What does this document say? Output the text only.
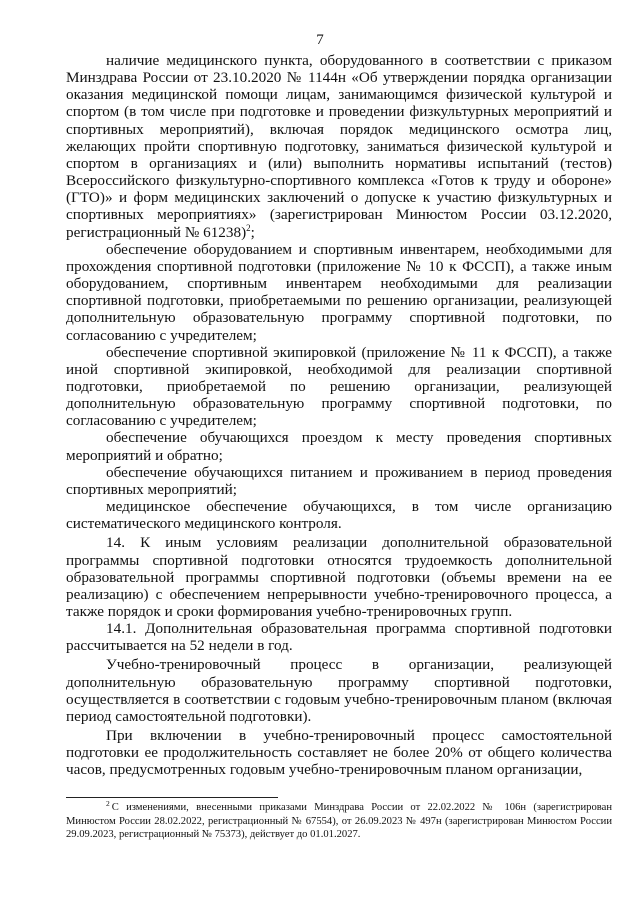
7

наличие медицинского пункта, оборудованного в соответствии с приказом Минздрава России от 23.10.2020 № 1144н «Об утверждении порядка организации оказания медицинской помощи лицам, занимающимся физической культурой и спортом (в том числе при подготовке и проведении физкультурных мероприятий и спортивных мероприятий), включая порядок медицинского осмотра лиц, желающих пройти спортивную подготовку, заниматься физической культурой и спортом в организациях и (или) выполнить нормативы испытаний (тестов) Всероссийского физкультурно-спортивного комплекса «Готов к труду и обороне» (ГТО)» и форм медицинских заключений о допуске к участию физкультурных и спортивных мероприятиях» (зарегистрирован Минюстом России 03.12.2020, регистрационный № 61238)$^2$;

обеспечение оборудованием и спортивным инвентарем, необходимыми для прохождения спортивной подготовки (приложение № 10 к ФССП), а также иным оборудованием, спортивным инвентарем необходимыми для реализации спортивной подготовки, приобретаемыми по решению организации, реализующей дополнительную образовательную программу спортивной подготовки, по согласованию с учредителем;

обеспечение спортивной экипировкой (приложение № 11 к ФССП), а также иной спортивной экипировкой, необходимой для реализации спортивной подготовки, приобретаемой по решению организации, реализующей дополнительную образовательную программу спортивной подготовки, по согласованию с учредителем;

обеспечение обучающихся проездом к месту проведения спортивных мероприятий и обратно;

обеспечение обучающихся питанием и проживанием в период проведения спортивных мероприятий;

медицинское обеспечение обучающихся, в том числе организацию систематического медицинского контроля.

14. К иным условиям реализации дополнительной образовательной программы спортивной подготовки относятся трудоемкость дополнительной образовательной программы спортивной подготовки (объемы времени на ее реализацию) с обеспечением непрерывности учебно-тренировочного процесса, а также порядок и сроки формирования учебно-тренировочных групп.

14.1. Дополнительная образовательная программа спортивной подготовки рассчитывается на 52 недели в год.

Учебно-тренировочный процесс в организации, реализующей дополнительную образовательную программу спортивной подготовки, осуществляется в соответствии с годовым учебно-тренировочным планом (включая период самостоятельной подготовки).

При включении в учебно-тренировочный процесс самостоятельной подготовки ее продолжительность составляет не более 20% от общего количества часов, предусмотренных годовым учебно-тренировочным планом организации,

$^2$ С изменениями, внесенными приказами Минздрава России от 22.02.2022 № 106н (зарегистрирован Минюстом России 28.02.2022, регистрационный № 67554), от 26.09.2023 № 497н (зарегистрирован Минюстом России 29.09.2023, регистрационный № 75373), действует до 01.01.2027.
